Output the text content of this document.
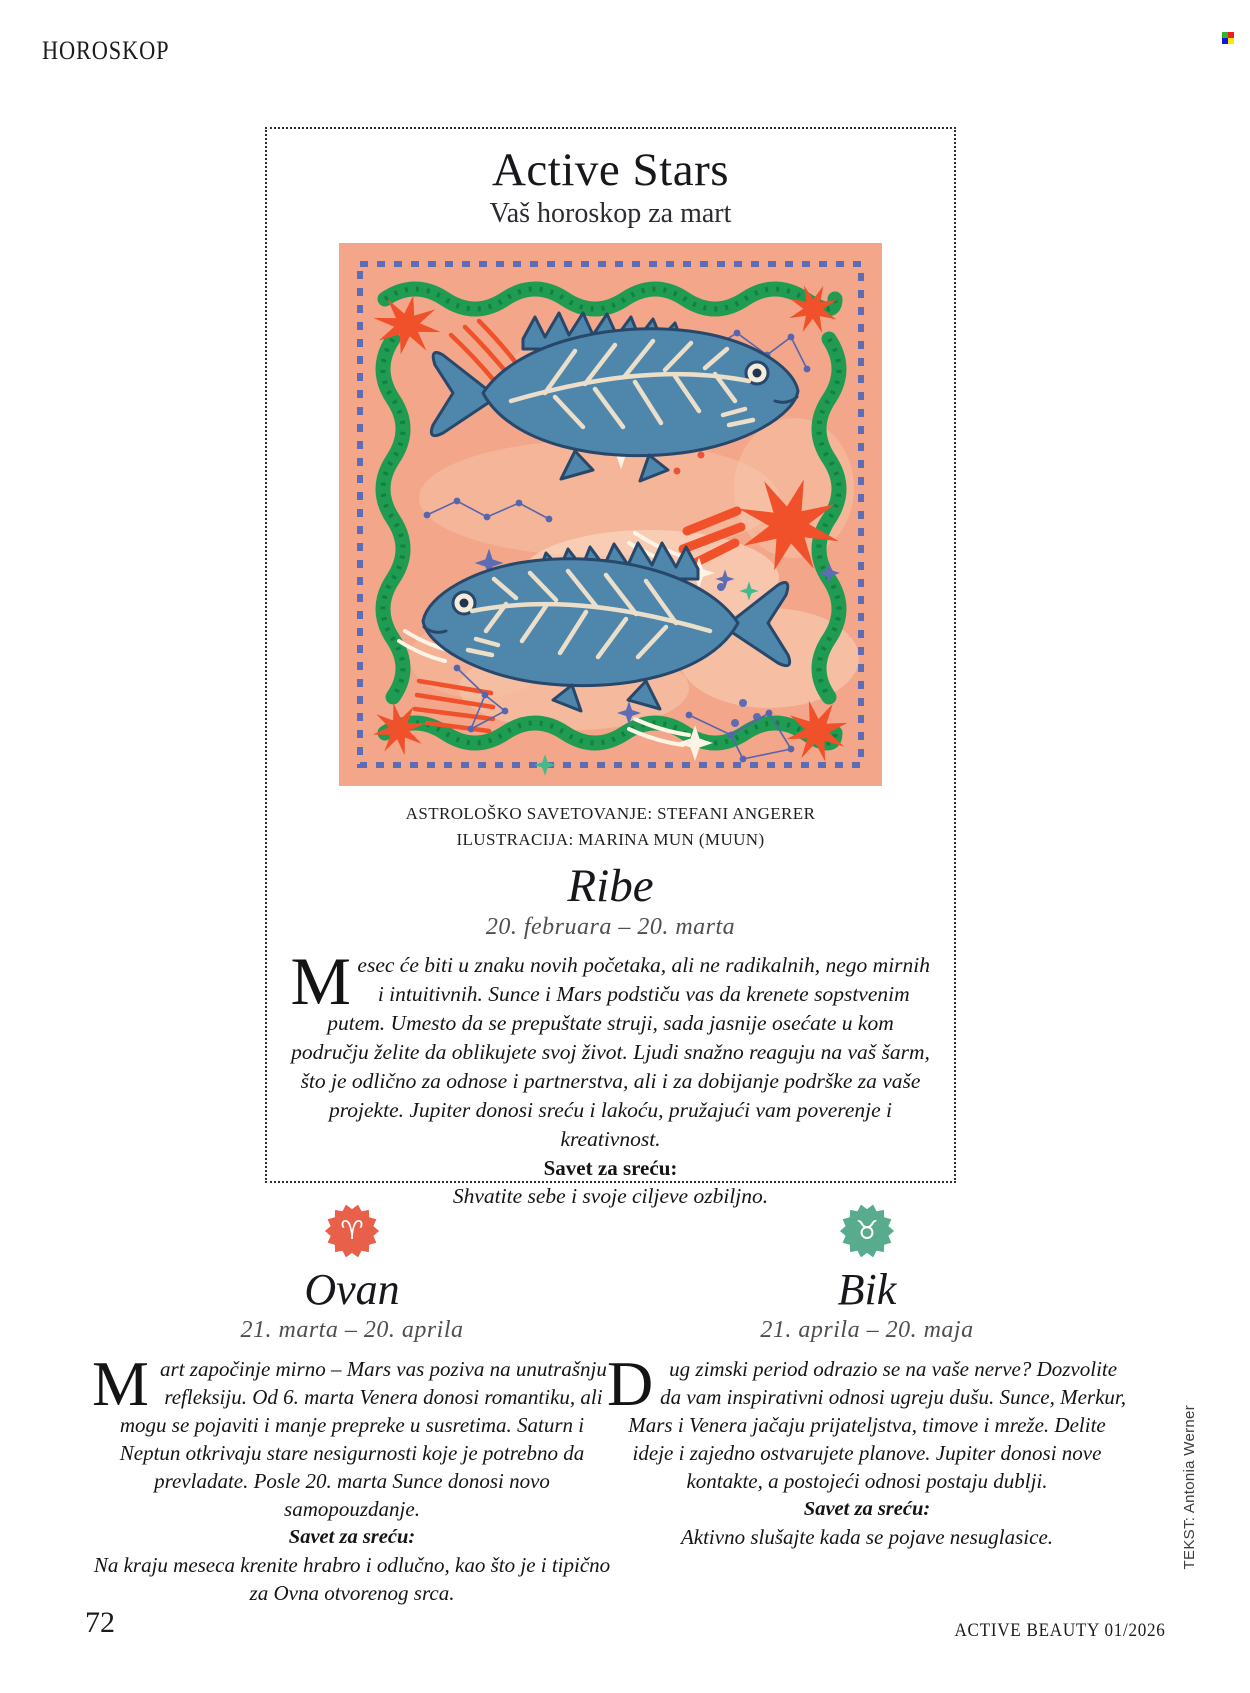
HOROSKOP
Active Stars
Vaš horoskop za mart
ASTROLOŠKO SAVETOVANJE: STEFANI ANGERER
ILUSTRACIJA: MARINA MUN (MUUN)
Ribe
20. februara – 20. marta
Mesec će biti u znaku novih početaka, ali ne radikalnih, nego mirnih i intuitivnih. Sunce i Mars podstiču vas da krenete sopstvenim putem. Umesto da se prepuštate struji, sada jasnije osećate u kom području želite da oblikujete svoj život. Ljudi snažno reaguju na vaš šarm, što je odlično za odnose i partnerstva, ali i za dobijanje podrške za vaše projekte. Jupiter donosi sreću i lakoću, pružajući vam poverenje i kreativnost.
Savet za sreću:
Shvatite sebe i svoje ciljeve ozbiljno.
♈
Ovan
21. marta – 20. aprila
Mart započinje mirno – Mars vas poziva na unutrašnju refleksiju. Od 6. marta Venera donosi romantiku, ali mogu se pojaviti i manje prepreke u susretima. Saturn i Neptun otkrivaju stare nesigurnosti koje je potrebno da prevladate. Posle 20. marta Sunce donosi novo samopouzdanje.
Savet za sreću:
Na kraju meseca krenite hrabro i odlučno, kao što je i tipično za Ovna otvorenog srca.
♉
Bik
21. aprila – 20. maja
Dug zimski period odrazio se na vaše nerve? Dozvolite da vam inspirativni odnosi ugreju dušu. Sunce, Merkur, Mars i Venera jačaju prijateljstva, timove i mreže. Delite ideje i zajedno ostvarujete planove. Jupiter donosi nove kontakte, a postojeći odnosi postaju dublji.
Savet za sreću:
Aktivno slušajte kada se pojave nesuglasice.	TEKST: Antonia Werner
72	ACTIVE BEAUTY 01/2026
